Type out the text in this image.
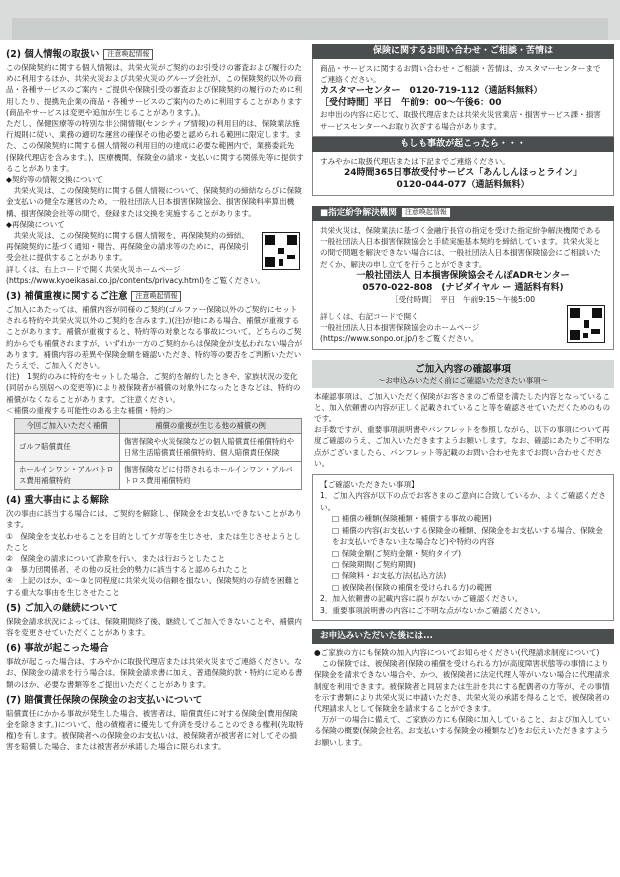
(2) 個人情報の取扱い 注意喚起情報

この保険契約に関する個人情報は、共栄火災がご契約のお引受けの審査および履行のために利用するほか、共栄火災および共栄火災のグループ会社が、この保険契約以外の商品・各種サービスのご案内・ご提供や保険引受の審査および保険契約の履行のために利用したり、提携先企業の商品・各種サービスのご案内のために利用することがあります(商品やサービスは変更や追加が生じることがあります。)。
ただし、保健医療等の特別な非公開情報(センシティブ情報)の利用目的は、保険業法施行規則に従い、業務の適切な運営の確保その他必要と認められる範囲に限定します。また、この保険契約に関する個人情報の利用目的の達成に必要な範囲内で、業務委託先(保険代理店を含みます。)、医療機関、保険金の請求・支払いに関する関係先等に提供することがあります。

◆契約等の情報交換について

　共栄火災は、この保険契約に関する個人情報について、保険契約の締結ならびに保険金支払いの健全な運営のため、一般社団法人日本損害保険協会、損害保険料率算出機構、損害保険会社等の間で、登録または交換を実施することがあります。

◆再保険について

　共栄火災は、この保険契約に関する個人情報を、再保険契約の締結、再保険契約に基づく通知・報告、再保険金の請求等のために、再保険引受会社に提供することがあります。

詳しくは、右上コードで開く共栄火災ホームページ
(https://www.kyoeikasai.co.jp/contents/privacy.html)をご覧ください。

(3) 補償重複に関するご注意 注意喚起情報

ご加入にあたっては、補償内容が同様のご契約(ゴルファー保険以外のご契約にセットされる特約や共栄火災以外のご契約を含みます。)(注)が他にある場合、補償が重複することがあります。補償が重複すると、特約等の対象となる事故について、どちらのご契約からでも補償されますが、いずれか一方のご契約からは保険金が支払われない場合があります。補償内容の差異や保険金額を確認いただき、特約等の要否をご判断いただいたうえで、ご加入ください。

(注)　1契約のみに特約をセットした場合、ご契約を解約したときや、家族状況の変化(同居から別居への変更等)により被保険者が補償の対象外になったときなどは、特約の補償がなくなることがあります。ご注意ください。

＜補償の重複する可能性のある主な補償・特約＞

今回ご加入いただく補償	補償の重複が生じる他の補償の例
ゴルフ賠償責任	傷害保険や火災保険などの個人賠償責任補償特約や日常生活賠償責任補償特約、個人賠償責任保険
ホールインワン・アルバトロス費用補償特約	傷害保険などに付帯されるホールインワン・アルバトロス費用補償特約
(4) 重大事由による解除

次の事由に該当する場合には、ご契約を解除し、保険金をお支払いできないことがあります。
①　保険金を支払わせることを目的としてケガ等を生じさせ、または生じさせようとしたこと
②　保険金の請求について詐欺を行い、または行おうとしたこと
③　暴力団関係者、その他の反社会的勢力に該当すると認められたこと
④　上記のほか、①～③と同程度に共栄火災の信頼を損ない、保険契約の存続を困難とする重大な事由を生じさせたこと

(5) ご加入の継続について

保険金請求状況によっては、保険期間終了後、継続してご加入できないことや、補償内容を変更させていただくことがあります。

(6) 事故が起こった場合

事故が起こった場合は、すみやかに取扱代理店または共栄火災までご連絡ください。なお、保険金の請求を行う場合は、保険金請求書に加え、普通保険約款・特約に定める書類のほか、必要な書類等をご提出いただくことがあります。

(7) 賠償責任保険の保険金のお支払いについて

賠償責任にかかる事故が発生した場合、被害者は、賠償責任に対する保険金(費用保険金を除きます。)について、他の債権者に優先して弁済を受けることのできる権利(先取特権)を有します。被保険者への保険金のお支払いは、被保険者が被害者に対してその損害を賠償した場合、または被害者が承諾した場合に限られます。

保険に関するお問い合わせ・ご相談・苦情は

商品・サービスに関するお問い合わせ・ご相談・苦情は、カスタマーセンターまでご連絡ください。

カスタマーセンター　0120-719-112（通話料無料）

［受付時間］平日　午前9：00～午後6：00

お申出の内容に応じて、取扱代理店または共栄火災営業店・損害サービス課・損害サービスセンターへお取り次ぎする場合があります。

もしも事故が起こったら・・・

すみやかに取扱代理店または下記までご連絡ください。

24時間365日事故受付サービス「あんしんほっとライン」

0120-044-077（通話料無料）

■指定紛争解決機関 注意喚起情報

共栄火災は、保険業法に基づく金融庁長官の指定を受けた指定紛争解決機関である一般社団法人日本損害保険協会と手続実施基本契約を締結しています。共栄火災との間で問題を解決できない場合には、一般社団法人日本損害保険協会にご相談いただくか、解決の申し立てを行うことができます。

一般社団法人 日本損害保険協会そんぽADRセンター

0570-022-808　(ナビダイヤル ー 通話料有料)

［受付時間］　平日　午前9:15～午後5:00

詳しくは、右記コードで開く
一般社団法人日本損害保険協会のホームページ
(https://www.sonpo.or.jp/)をご覧ください。

ご加入内容の確認事項
～お申込みいただく前にご確認いただきたい事項～

本確認事項は、ご加入いただく保険がお客さまのご希望を満たした内容となっていること、加入依頼書の内容が正しく記載されていること等を確認させていただくためのものです。
お手数ですが、重要事項説明書やパンフレットを参照しながら、以下の事項について再度ご確認のうえ、ご加入いただきますようお願いします。なお、確認にあたりご不明な点がございましたら、パンフレット等記載のお問い合わせ先までお問い合わせください。

【ご確認いただきたい事項】

1．ご加入内容が以下の点でお客さまのご意向に合致しているか、よくご確認ください。

□ 補償の種類(保険種類・補償する事故の範囲)

□ 補償の内容(お支払いする保険金の種類、保険金をお支払いする場合、保険金をお支払いできない主な場合など)や特約の内容

□ 保険金額(ご契約金額・契約タイプ)

□ 保険期間(ご契約期間)

□ 保険料・お支払方法(払込方法)

□ 被保険者(保険の補償を受けられる方)の範囲

2．加入依頼書の記載内容に誤りがないかご確認ください。

3．重要事項説明書の内容にご不明な点がないかご確認ください。

お申込みいただいた後には...

●ご家族の方にも保険の加入内容についてお知らせください(代理請求制度について)
　この保険では、被保険者(保険の補償を受けられる方)が高度障害状態等の事情により保険金を請求できない場合や、かつ、被保険者に法定代理人等がいない場合に代理請求制度を利用できます。被保険者と同居または生計を共にする配偶者の方等が、その事情を示す書類により共栄火災に申請いただき、共栄火災の承諾を得ることで、被保険者の代理請求人として保険金を請求することができます。
　万が一の場合に備えて、ご家族の方にも保険に加入していること、および加入している保険の概要(保険会社名、お支払いする保険金の種類など)をお伝えいただきますようお願いします。
